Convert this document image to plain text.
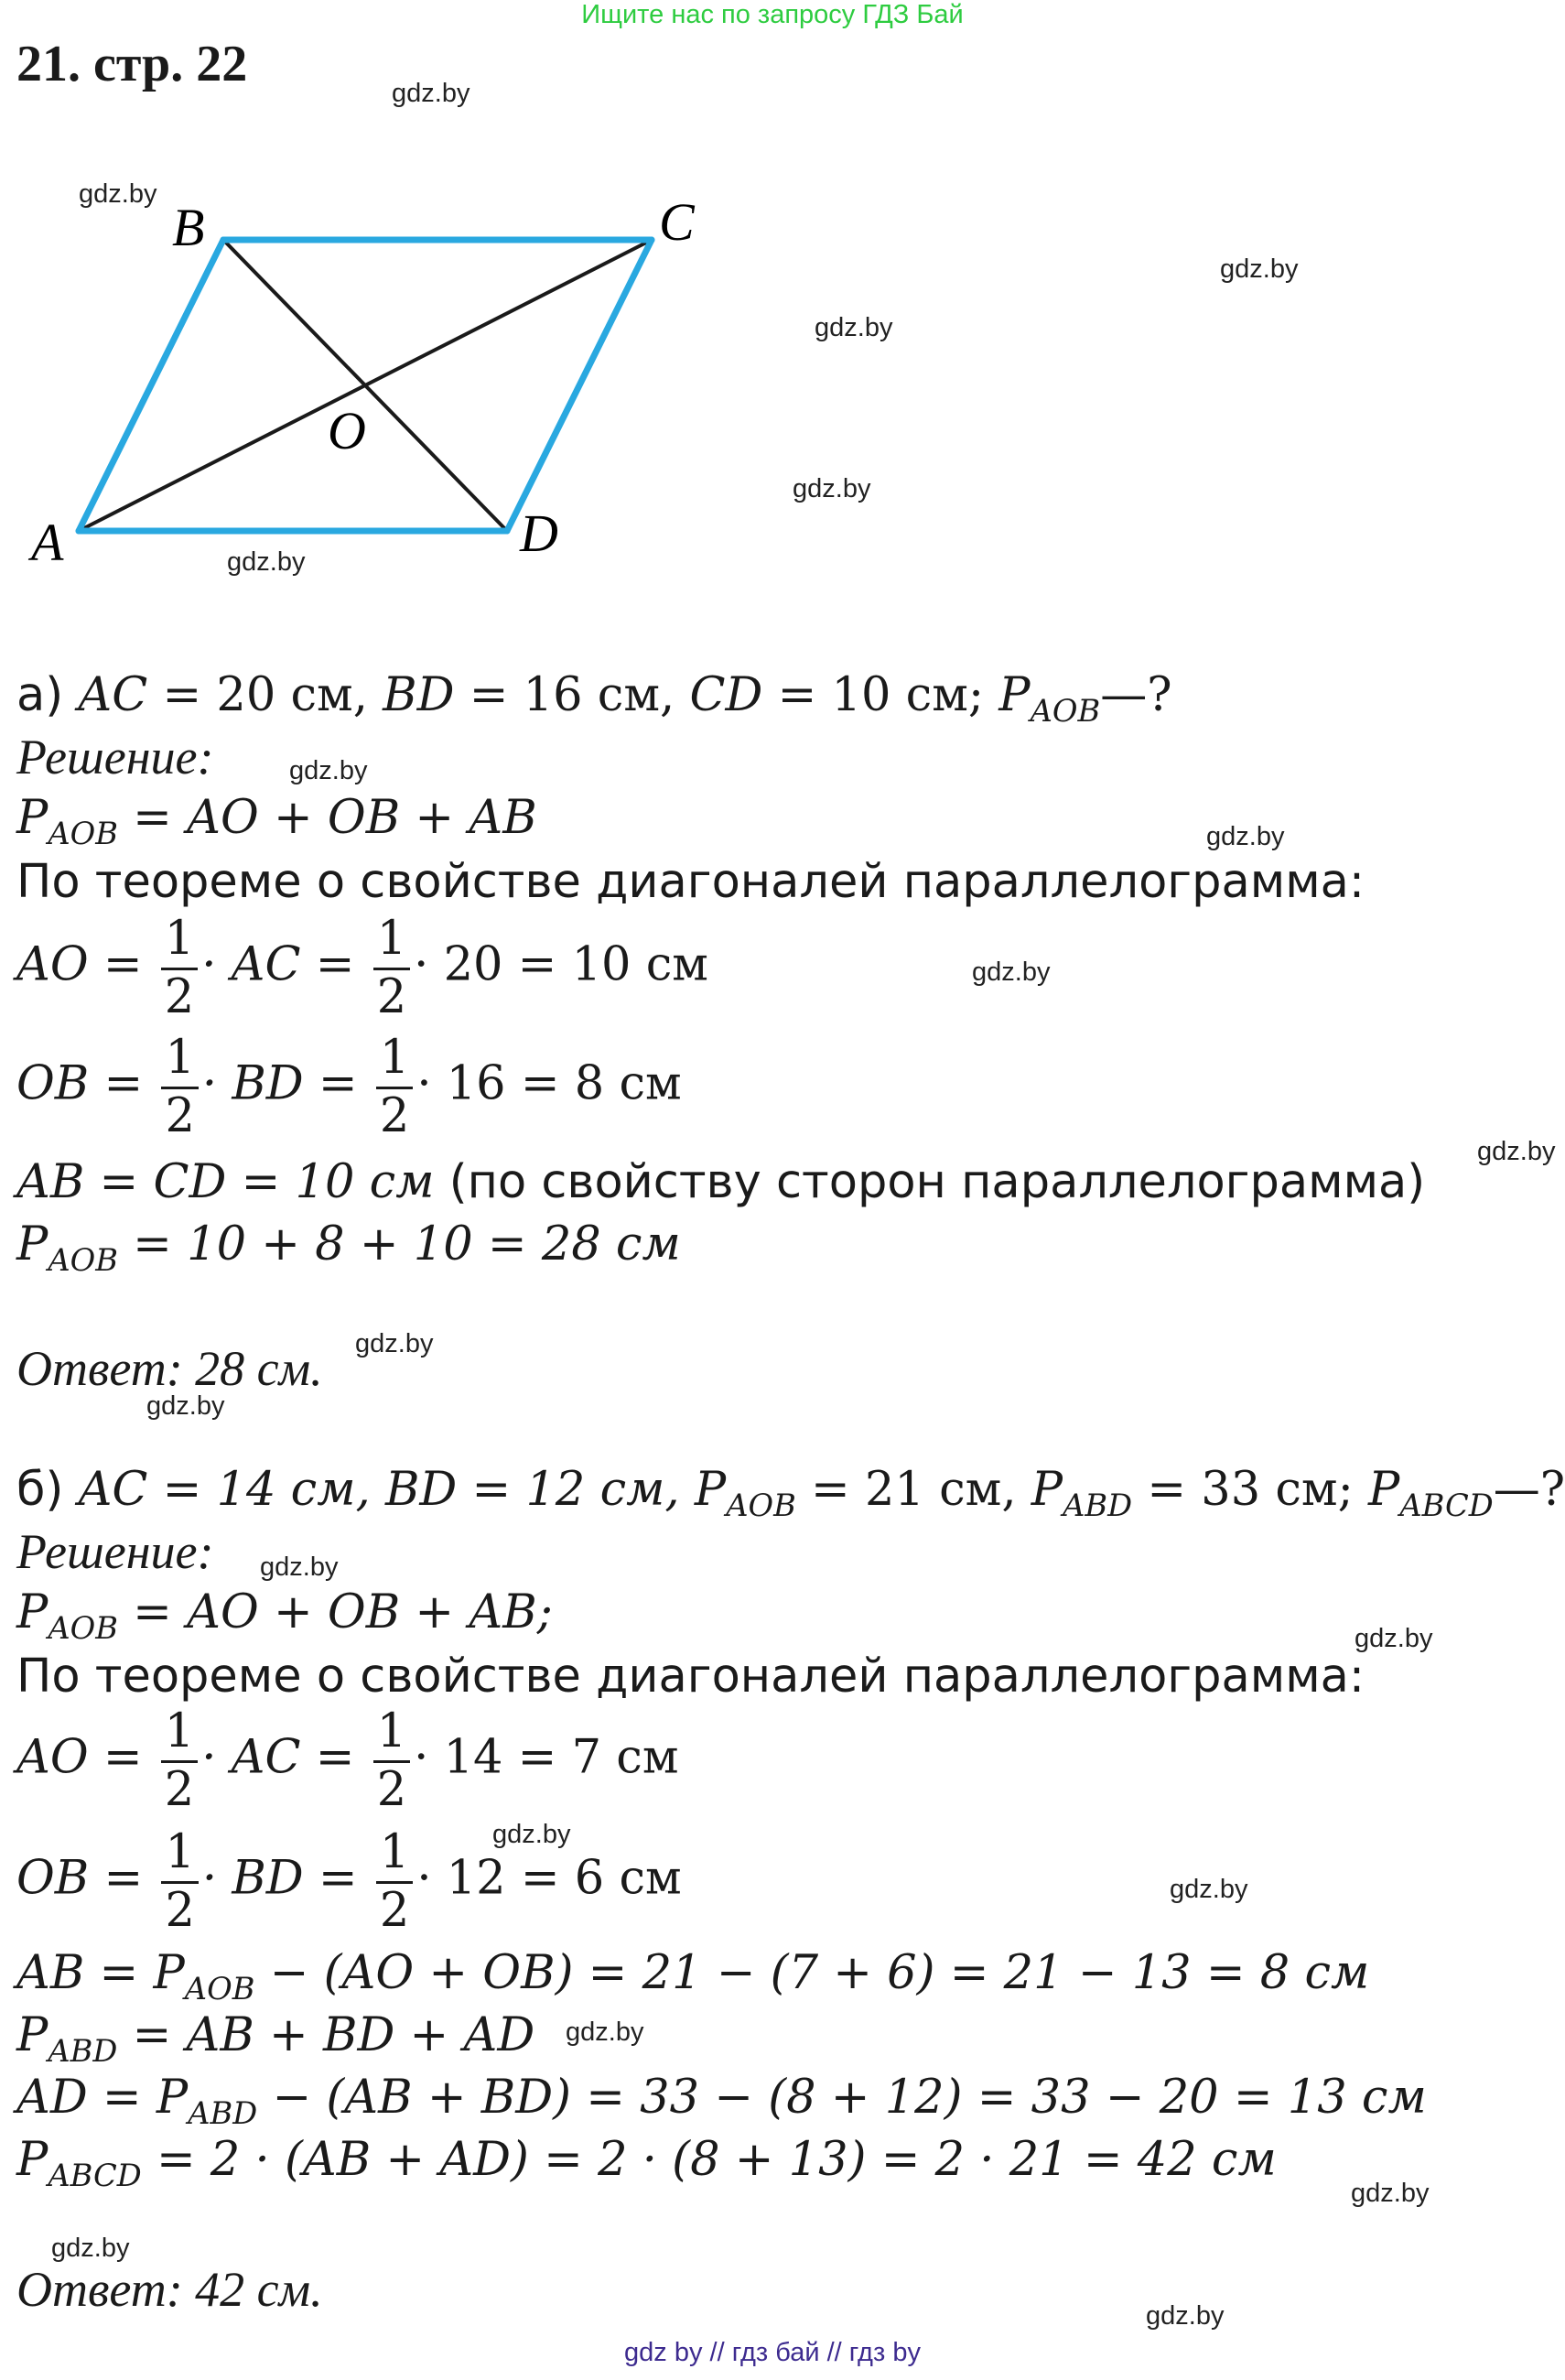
Ищите нас по запросу ГДЗ Бай
21. стр. 22
gdz.by
gdz.by
gdz.by
gdz.by
gdz.by
gdz.by
gdz.by
gdz.by
gdz.by
gdz.by
gdz.by
gdz.by
gdz.by
gdz.by
gdz.by
gdz.by
gdz.by
gdz.by
gdz.by
gdz.by
B	C
O
A	D
а) AC = 20 см, BD = 16 см, CD = 10 см; $P_{AOB}—$?
Решение:
$P_{AOB}$ = AO + OB + AB
По теореме о свойстве диагоналей параллелограмма:
AO = $\frac{1}{2}$ · AC = $\frac{1}{2} \cdot 20 = 10$ см
OB = $\frac{1}{2}$ · BD = $\frac{1}{2} \cdot 16 = 8$ см
AB = CD = 10 см (по свойству сторон параллелограмма)
$P_{AOB} = 10 + 8 + 10 = 28$ см
Ответ: 28 см.
б) AC = 14 см, BD = 12 см, $P_{AOB} = 21$ см, $P_{ABD} = 33$ см; $P_{ABCD}—$?
Решение:
$P_{AOB}$ = AO + OB + AB;
По теореме о свойстве диагоналей параллелограмма:
AO = $\frac{1}{2}$ · AC = $\frac{1}{2} \cdot 14 = 7$ см
OB = $\frac{1}{2}$ · BD = $\frac{1}{2} \cdot 12 = 6$ см
AB = $P_{AOB} - (AO + OB) = 21 - (7 + 6) = 21 - 13 = 8$ см
$P_{ABD}$ = AB + BD + AD
AD = $P_{ABD} - (AB + BD) = 33 - (8 + 12) = 33 - 20 = 13$ см
$P_{ABCD} = 2 \cdot (AB + AD) = 2 \cdot (8 + 13) = 2 \cdot 21 = 42$ см
Ответ: 42 см.
gdz by // гдз бай // гдз by
